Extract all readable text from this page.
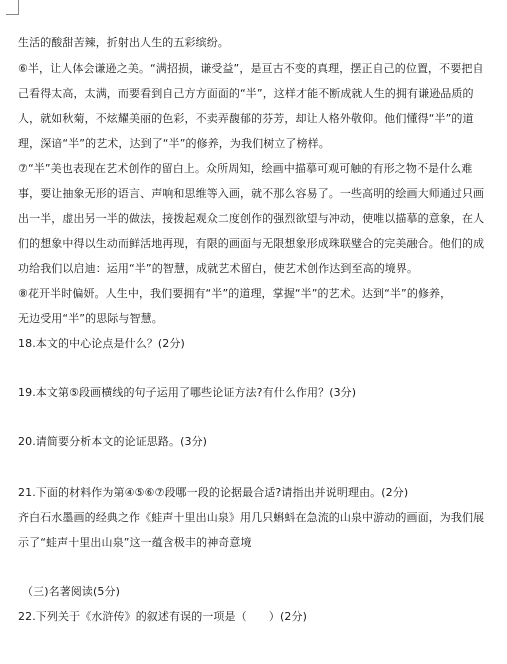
生活的酸甜苦辣，折射出人生的五彩缤纷。
⑥半，让人体会谦逊之美。“满招损，谦受益”，是亘古不变的真理，摆正自己的位置，不要把自
己看得太高，太满，而要看到自己方方面面的“半”，这样才能不断成就人生的拥有谦逊品质的
人，就如秋菊，不炫耀美丽的色彩，不卖弄馥郁的芬芳，却让人格外敬仰。他们懂得“半”的道
理，深谙“半”的艺术，达到了“半”的修养，为我们树立了榜样。
⑦“半”美也表现在艺术创作的留白上。众所周知，绘画中描摹可观可触的有形之物不是什么难
事，要让抽象无形的语言、声响和思维等入画，就不那么容易了。一些高明的绘画大师通过只画
出一半，虚出另一半的做法，接拨起观众二度创作的强烈欲望与冲动，使唯以描摹的意象，在人
们的想象中得以生动而鲜活地再现，有限的画面与无限想象形成珠联璧合的完美融合。他们的成
功给我们以启迪：运用“半”的智慧，成就艺术留白，使艺术创作达到至高的境界。
⑧花开半时偏妍。人生中，我们要拥有“半”的道理，掌握“半”的艺术。达到“半”的修养，
无边受用“半”的思际与智慧。
18.本文的中心论点是什么？(2分)
19.本文第⑤段画横线的句子运用了哪些论证方法?有什么作用？(3分)
20.请简要分析本文的论证思路。(3分)
21.下面的材料作为第④⑤⑥⑦段哪一段的论据最合适?请指出并说明理由。(2分)
齐白石水墨画的经典之作《蛙声十里出山泉》用几只蝌蚪在急流的山泉中游动的画面，为我们展
示了“蛙声十里出山泉”这一蕴含极丰的神奇意境
（三)名著阅读(5分)
22.下列关于《水浒传》的叙述有误的一项是（　　）(2分)
